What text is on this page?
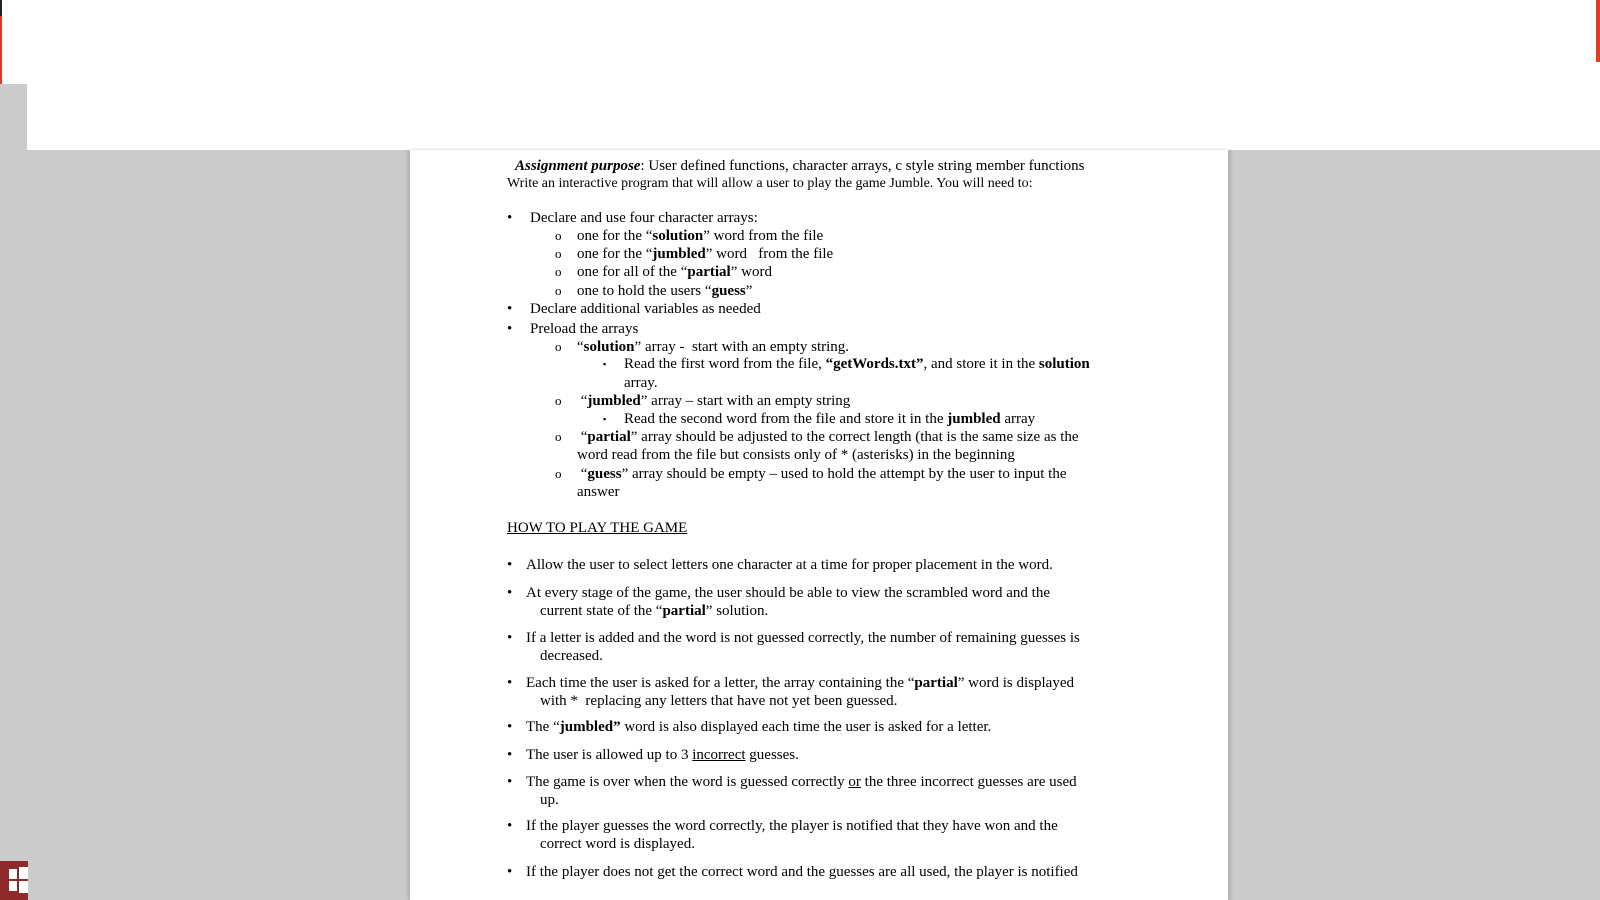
Assignment purpose: User defined functions, character arrays, c style string member functions
Write an interactive program that will allow a user to play the game Jumble. You will need to:
• Declare and use four character arrays:
o one for the “solution” word from the file
o one for the “jumbled” word   from the file
o one for all of the “partial” word
o one to hold the users “guess”
• Declare additional variables as needed
• Preload the arrays
o “solution” array -  start with an empty string.
▪ Read the first word from the file, “getWords.txt”, and store it in the solution
array.
o “jumbled” array – start with an empty string
▪ Read the second word from the file and store it in the jumbled array
o “partial” array should be adjusted to the correct length (that is the same size as the
word read from the file but consists only of * (asterisks) in the beginning
o “guess” array should be empty – used to hold the attempt by the user to input the
answer
HOW TO PLAY THE GAME
• Allow the user to select letters one character at a time for proper placement in the word.
• At every stage of the game, the user should be able to view the scrambled word and the
current state of the “partial” solution.
• If a letter is added and the word is not guessed correctly, the number of remaining guesses is
decreased.
• Each time the user is asked for a letter, the array containing the “partial” word is displayed
with *  replacing any letters that have not yet been guessed.
• The “jumbled” word is also displayed each time the user is asked for a letter.
• The user is allowed up to 3 incorrect guesses.
• The game is over when the word is guessed correctly or the three incorrect guesses are used
up.
• If the player guesses the word correctly, the player is notified that they have won and the
correct word is displayed.
• If the player does not get the correct word and the guesses are all used, the player is notified
